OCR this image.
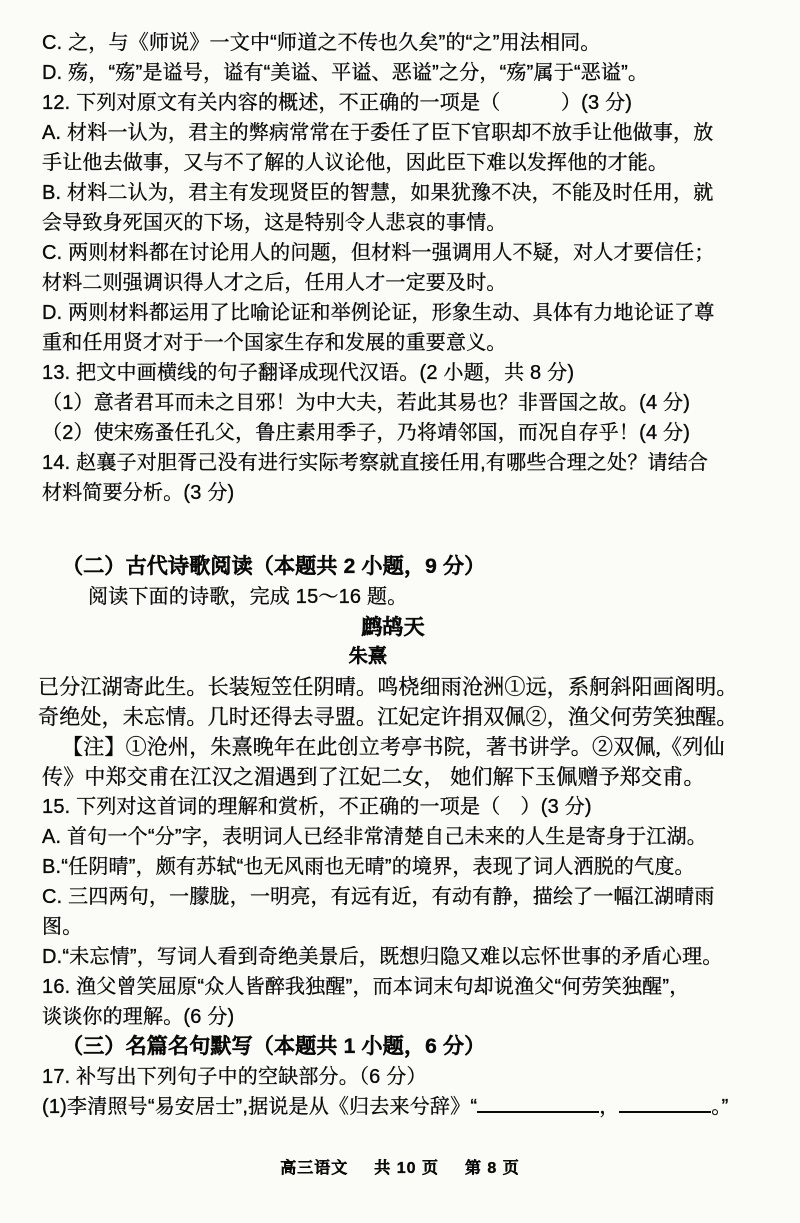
C. 之，与《师说》一文中“师道之不传也久矣”的“之”用法相同。
D. 殇，“殇”是谥号，谥有“美谥、平谥、恶谥”之分，“殇”属于“恶谥”。
12. 下列对原文有关内容的概述，不正确的一项是（　　　）(3 分)
A. 材料一认为，君主的弊病常常在于委任了臣下官职却不放手让他做事，放
手让他去做事，又与不了解的人议论他，因此臣下难以发挥他的才能。
B. 材料二认为，君主有发现贤臣的智慧，如果犹豫不决，不能及时任用，就
会导致身死国灭的下场，这是特别令人悲哀的事情。
C. 两则材料都在讨论用人的问题，但材料一强调用人不疑，对人才要信任；
材料二则强调识得人才之后，任用人才一定要及时。
D. 两则材料都运用了比喻论证和举例论证，形象生动、具体有力地论证了尊
重和任用贤才对于一个国家生存和发展的重要意义。
13. 把文中画横线的句子翻译成现代汉语。(2 小题，共 8 分)
（1）意者君耳而未之目邪！为中大夫，若此其易也？非晋国之故。(4 分)
（2）使宋殇蚤任孔父，鲁庄素用季子，乃将靖邻国，而况自存乎！(4 分)
14. 赵襄子对胆胥己没有进行实际考察就直接任用,有哪些合理之处？请结合
材料简要分析。(3 分)
（二）古代诗歌阅读（本题共 2 小题，9 分）
阅读下面的诗歌，完成 15～16 题。
鹧鸪天
朱熹
已分江湖寄此生。长装短笠任阴晴。鸣桡细雨沧洲①远，系舸斜阳画阁明。
奇绝处，未忘情。几时还得去寻盟。江妃定许捐双佩②，渔父何劳笑独醒。
【注】①沧州，朱熹晚年在此创立考亭书院，著书讲学。②双佩,《列仙
传》中郑交甫在江汉之湄遇到了江妃二女， 她们解下玉佩赠予郑交甫。
15. 下列对这首词的理解和赏析，不正确的一项是（　）(3 分)
A. 首句一个“分”字，表明词人已经非常清楚自己未来的人生是寄身于江湖。
B.“任阴晴”，颇有苏轼“也无风雨也无晴”的境界，表现了词人洒脱的气度。
C. 三四两句，一朦胧，一明亮，有远有近，有动有静，描绘了一幅江湖晴雨
图。
D.“未忘情”，写词人看到奇绝美景后，既想归隐又难以忘怀世事的矛盾心理。
16. 渔父曾笑屈原“众人皆醉我独醒”，而本词末句却说渔父“何劳笑独醒”，
谈谈你的理解。(6 分)
（三）名篇名句默写（本题共 1 小题，6 分）
17. 补写出下列句子中的空缺部分。（6 分）
(1)李清照号“易安居士”,据说是从《归去来兮辞》“	，	。”
高三语文 共 10 页 第 8 页
